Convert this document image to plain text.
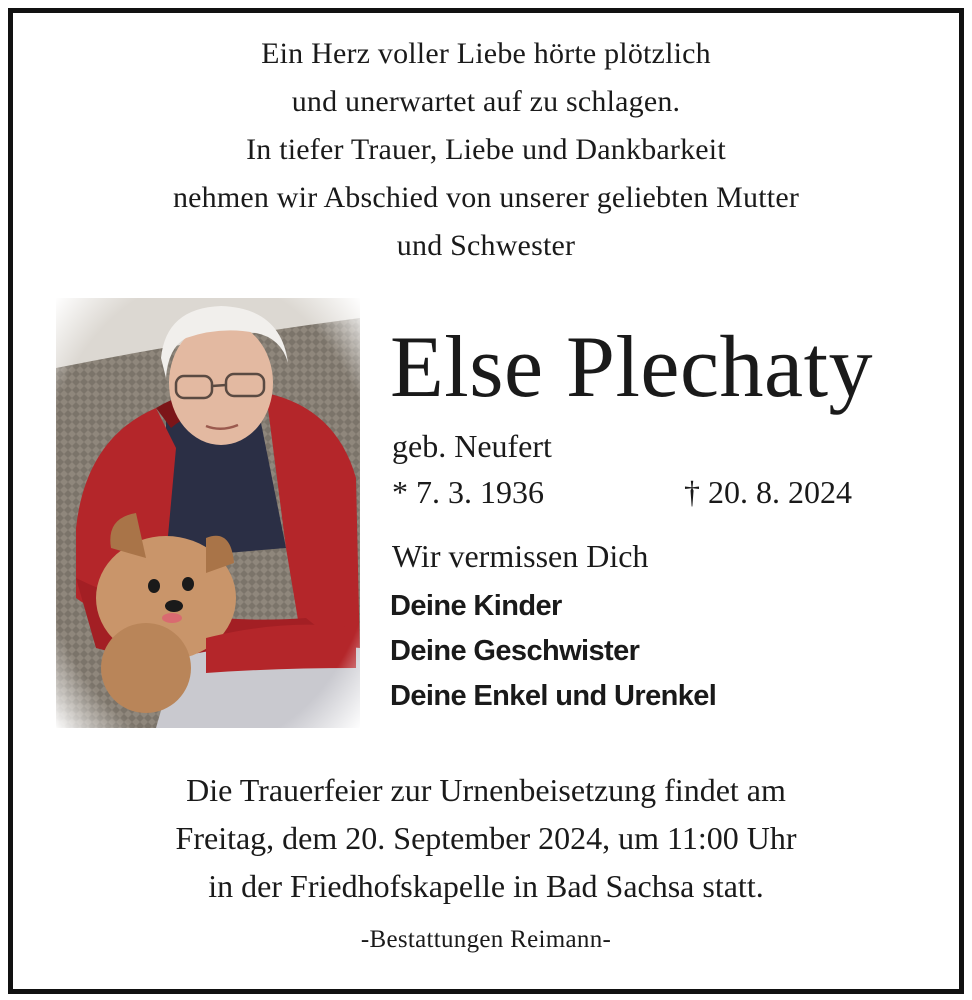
Ein Herz voller Liebe hörte plötzlich
und unerwartet auf zu schlagen.
In tiefer Trauer, Liebe und Dankbarkeit
nehmen wir Abschied von unserer geliebten Mutter
und Schwester
Else Plechaty
geb. Neufert
* 7. 3. 1936	† 20. 8. 2024
Wir vermissen Dich
Deine Kinder
Deine Geschwister
Deine Enkel und Urenkel
Die Trauerfeier zur Urnenbeisetzung findet am
Freitag, dem 20. September 2024, um 11:00 Uhr
in der Friedhofskapelle in Bad Sachsa statt.
-Bestattungen Reimann-
